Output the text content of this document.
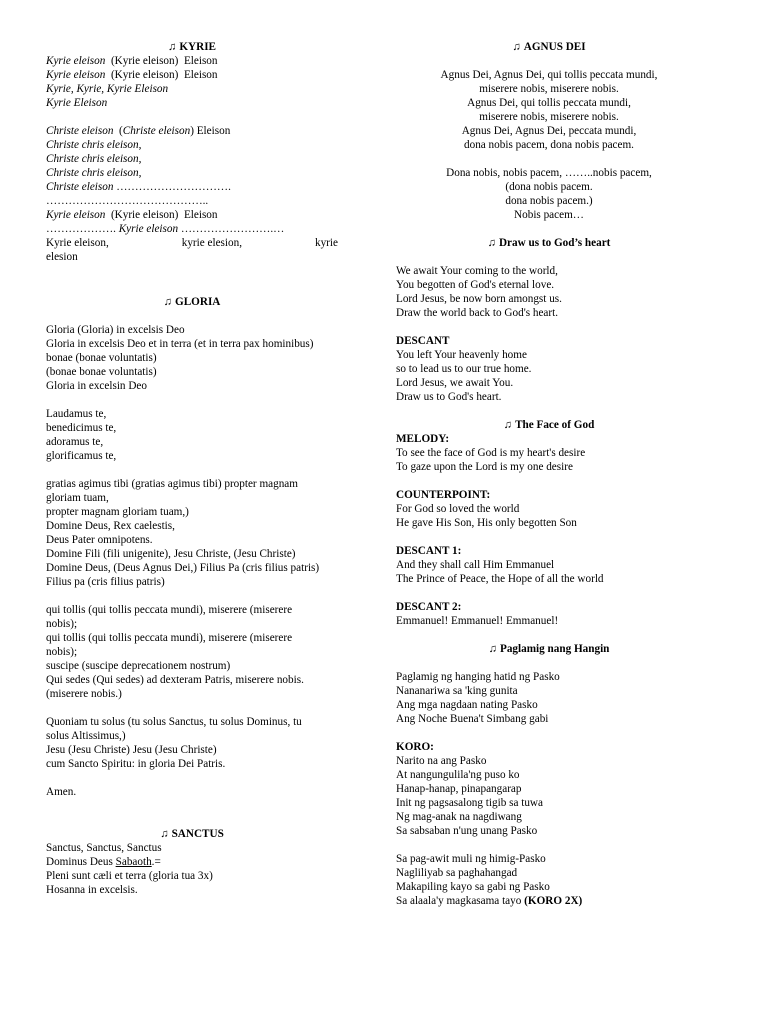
♫ KYRIE
Kyrie eleison  (Kyrie eleison)  Eleison
Kyrie eleison  (Kyrie eleison)  Eleison
Kyrie, Kyrie, Kyrie Eleison
Kyrie Eleison
Christe eleison  (Christe eleison) Eleison
Christe chris eleison,
Christe chris eleison,
Christe chris eleison,
Christe eleison ………………………….
……………………………………..
Kyrie eleison  (Kyrie eleison)  Eleison
………………. Kyrie eleison …………………….…
Kyrie eleison,	kyrie elesion,	kyrie
elesion
♫ GLORIA
Gloria (Gloria) in excelsis Deo
Gloria in excelsis Deo et in terra (et in terra pax hominibus)
bonae (bonae voluntatis)
(bonae bonae voluntatis)
Gloria in excelsin Deo
Laudamus te,
benedicimus te,
adoramus te,
glorificamus te,
gratias agimus tibi (gratias agimus tibi) propter magnam
gloriam tuam,
propter magnam gloriam tuam,)
Domine Deus, Rex caelestis,
Deus Pater omnipotens.
Domine Fili (fili unigenite), Jesu Christe, (Jesu Christe)
Domine Deus, (Deus Agnus Dei,) Filius Pa (cris filius patris)
Filius pa (cris filius patris)
qui tollis (qui tollis peccata mundi), miserere (miserere
nobis);
qui tollis (qui tollis peccata mundi), miserere (miserere
nobis);
suscipe (suscipe deprecationem nostrum)
Qui sedes (Qui sedes) ad dexteram Patris, miserere nobis.
(miserere nobis.)
Quoniam tu solus (tu solus Sanctus, tu solus Dominus, tu
solus Altissimus,)
Jesu (Jesu Christe) Jesu (Jesu Christe)
cum Sancto Spiritu: in gloria Dei Patris.
Amen.
♫ SANCTUS
Sanctus, Sanctus, Sanctus
Dominus Deus Sabaoth.=
Pleni sunt cæli et terra (gloria tua 3x)
Hosanna in excelsis.
♫ AGNUS DEI
Agnus Dei, Agnus Dei, qui tollis peccata mundi,
miserere nobis, miserere nobis.
Agnus Dei, qui tollis peccata mundi,
miserere nobis, miserere nobis.
Agnus Dei, Agnus Dei, peccata mundi,
dona nobis pacem, dona nobis pacem.
Dona nobis, nobis pacem, ……..nobis pacem,
(dona nobis pacem.
dona nobis pacem.)
Nobis pacem…
♫ Draw us to God’s heart
We await Your coming to the world,
You begotten of God's eternal love.
Lord Jesus, be now born amongst us.
Draw the world back to God's heart.
DESCANT
You left Your heavenly home
so to lead us to our true home.
Lord Jesus, we await You.
Draw us to God's heart.
♫ The Face of God
MELODY:
To see the face of God is my heart's desire
To gaze upon the Lord is my one desire
COUNTERPOINT:
For God so loved the world
He gave His Son, His only begotten Son
DESCANT 1:
And they shall call Him Emmanuel
The Prince of Peace, the Hope of all the world
DESCANT 2:
Emmanuel! Emmanuel! Emmanuel!
♫ Paglamig nang Hangin
Paglamig ng hanging hatid ng Pasko
Nananariwa sa 'king gunita
Ang mga nagdaan nating Pasko
Ang Noche Buena't Simbang gabi
KORO:
Narito na ang Pasko
At nangungulila'ng puso ko
Hanap-hanap, pinapangarap
Init ng pagsasalong tigib sa tuwa
Ng mag-anak na nagdiwang
Sa sabsaban n'ung unang Pasko
Sa pag-awit muli ng himig-Pasko
Nagliliyab sa paghahangad
Makapiling kayo sa gabi ng Pasko
Sa alaala'y magkasama tayo (KORO 2X)
